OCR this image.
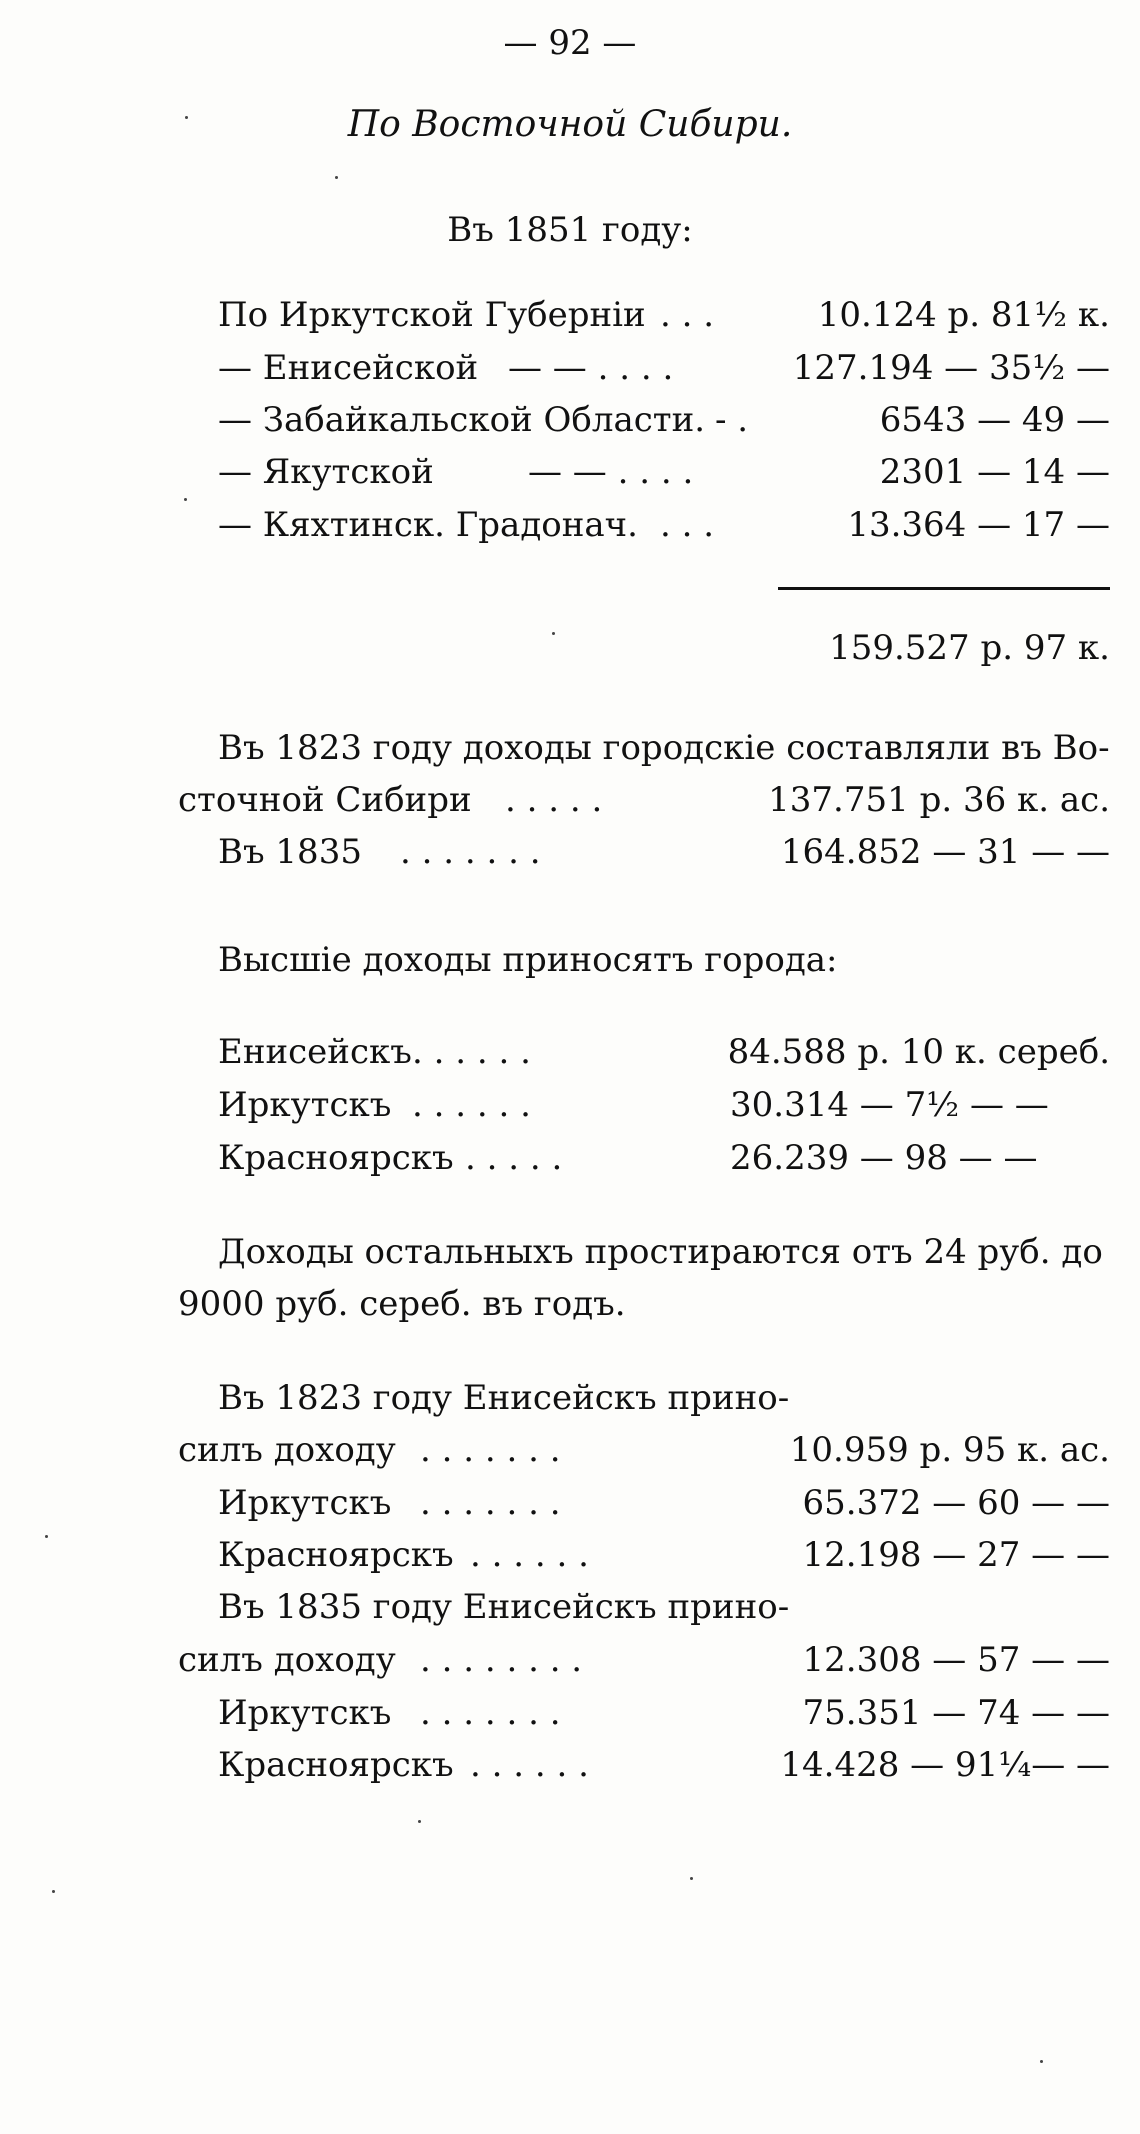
— 92 —
По Восточной Сибири.
Въ 1851 году:
По Иркутской Губерніи . . .	10.124 р. 81½ к.
— Енисейской — — . . . .	127.194 — 35½ —
— Забайкальской Области. - .	6543 — 49 —
— Якутской	— — . . . .	2301 — 14 —
— Кяхтинск. Градонач. . . .	13.364 — 17 —
159.527 р. 97 к.
Въ 1823 году доходы городскіе составляли въ Во-
сточной Сибири . . . . .	137.751 р. 36 к. ас.
Въ 1835 . . . . . . .	164.852 — 31 — —
Высшіе доходы приносятъ города:
Енисейскъ . . . . . .	84.588 р. 10 к. сереб.
Иркутскъ . . . . . .	30.314 — 7½ — —
Красноярскъ . . . . .	26.239 — 98 — —
Доходы остальныхъ простираются отъ 24 руб. до
9000 руб. сереб. въ годъ.
Въ 1823 году Енисейскъ прино-
силъ доходу . . . . . . .	10.959 р. 95 к. ас.
Иркутскъ . . . . . . .	65.372 — 60 — —
Красноярскъ . . . . . .	12.198 — 27 — —
Въ 1835 году Енисейскъ прино-
силъ доходу . . . . . . . .	12.308 — 57 — —
Иркутскъ . . . . . . .	75.351 — 74 — —
Красноярскъ . . . . . .	14.428 — 91¼— —
